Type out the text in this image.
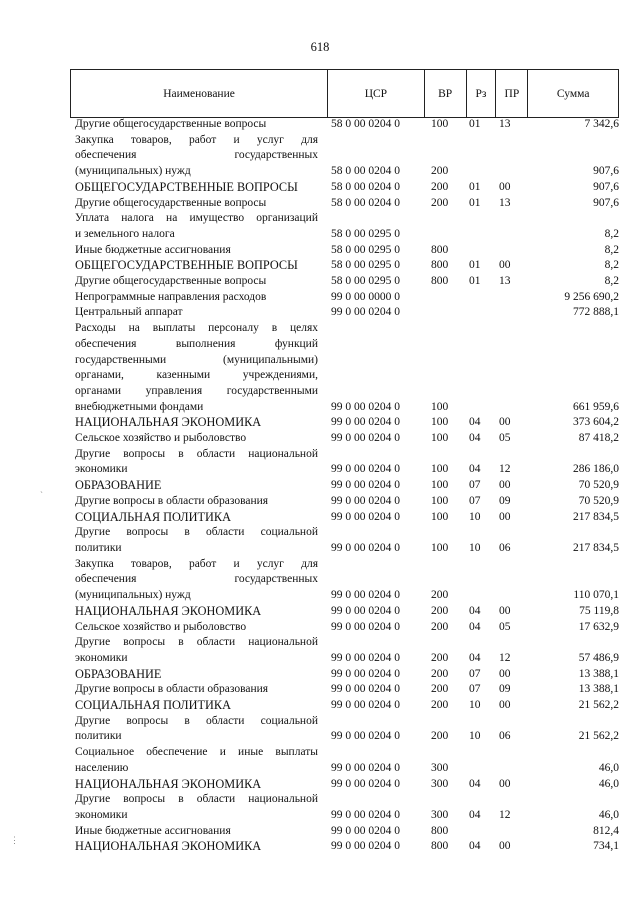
618
Наименование	ЦСР	ВР	Рз	ПР	Сумма
Другие общегосударственные вопросы	58 0 00 0204 0	100 01 13	7 342,6
Закупка товаров, работ и услуг для
обеспечения государственных
(муниципальных) нужд	58 0 00 0204 0	200	907,6
ОБЩЕГОСУДАРСТВЕННЫЕ ВОПРОСЫ	58 0 00 0204 0	200 01 00	907,6
Другие общегосударственные вопросы	58 0 00 0204 0	200 01 13	907,6
Уплата налога на имущество организаций
и земельного налога	58 0 00 0295 0	8,2
Иные бюджетные ассигнования	58 0 00 0295 0	800	8,2
ОБЩЕГОСУДАРСТВЕННЫЕ ВОПРОСЫ	58 0 00 0295 0	800 01 00	8,2
Другие общегосударственные вопросы	58 0 00 0295 0	800 01 13	8,2
Непрограммные направления расходов	99 0 00 0000 0	9 256 690,2
Центральный аппарат	99 0 00 0204 0	772 888,1
Расходы на выплаты персоналу в целях
обеспечения выполнения функций
государственными (муниципальными)
органами, казенными учреждениями,
органами управления государственными
внебюджетными фондами	99 0 00 0204 0	100	661 959,6
НАЦИОНАЛЬНАЯ ЭКОНОМИКА	99 0 00 0204 0	100 04 00	373 604,2
Сельское хозяйство и рыболовство	99 0 00 0204 0	100 04 05	87 418,2
Другие вопросы в области национальной
экономики	99 0 00 0204 0	100 04 12	286 186,0
ОБРАЗОВАНИЕ	99 0 00 0204 0	100 07 00	70 520,9
Другие вопросы в области образования	99 0 00 0204 0	100 07 09	70 520,9
СОЦИАЛЬНАЯ ПОЛИТИКА	99 0 00 0204 0	100 10 00	217 834,5
Другие вопросы в области социальной
политики	99 0 00 0204 0	100 10 06	217 834,5
Закупка товаров, работ и услуг для
обеспечения государственных
(муниципальных) нужд	99 0 00 0204 0	200	110 070,1
НАЦИОНАЛЬНАЯ ЭКОНОМИКА	99 0 00 0204 0	200 04 00	75 119,8
Сельское хозяйство и рыболовство	99 0 00 0204 0	200 04 05	17 632,9
Другие вопросы в области национальной
экономики	99 0 00 0204 0	200 04 12	57 486,9
ОБРАЗОВАНИЕ	99 0 00 0204 0	200 07 00	13 388,1
Другие вопросы в области образования	99 0 00 0204 0	200 07 09	13 388,1
СОЦИАЛЬНАЯ ПОЛИТИКА	99 0 00 0204 0	200 10 00	21 562,2
Другие вопросы в области социальной
политики	99 0 00 0204 0	200 10 06	21 562,2
Социальное обеспечение и иные выплаты
населению	99 0 00 0204 0	300	46,0
НАЦИОНАЛЬНАЯ ЭКОНОМИКА	99 0 00 0204 0	300 04 00	46,0
Другие вопросы в области национальной
экономики	99 0 00 0204 0	300 04 12	46,0
Иные бюджетные ассигнования	99 0 00 0204 0	800	812,4
НАЦИОНАЛЬНАЯ ЭКОНОМИКА	99 0 00 0204 0	800 04 00	734,1
ˋ
⋮
